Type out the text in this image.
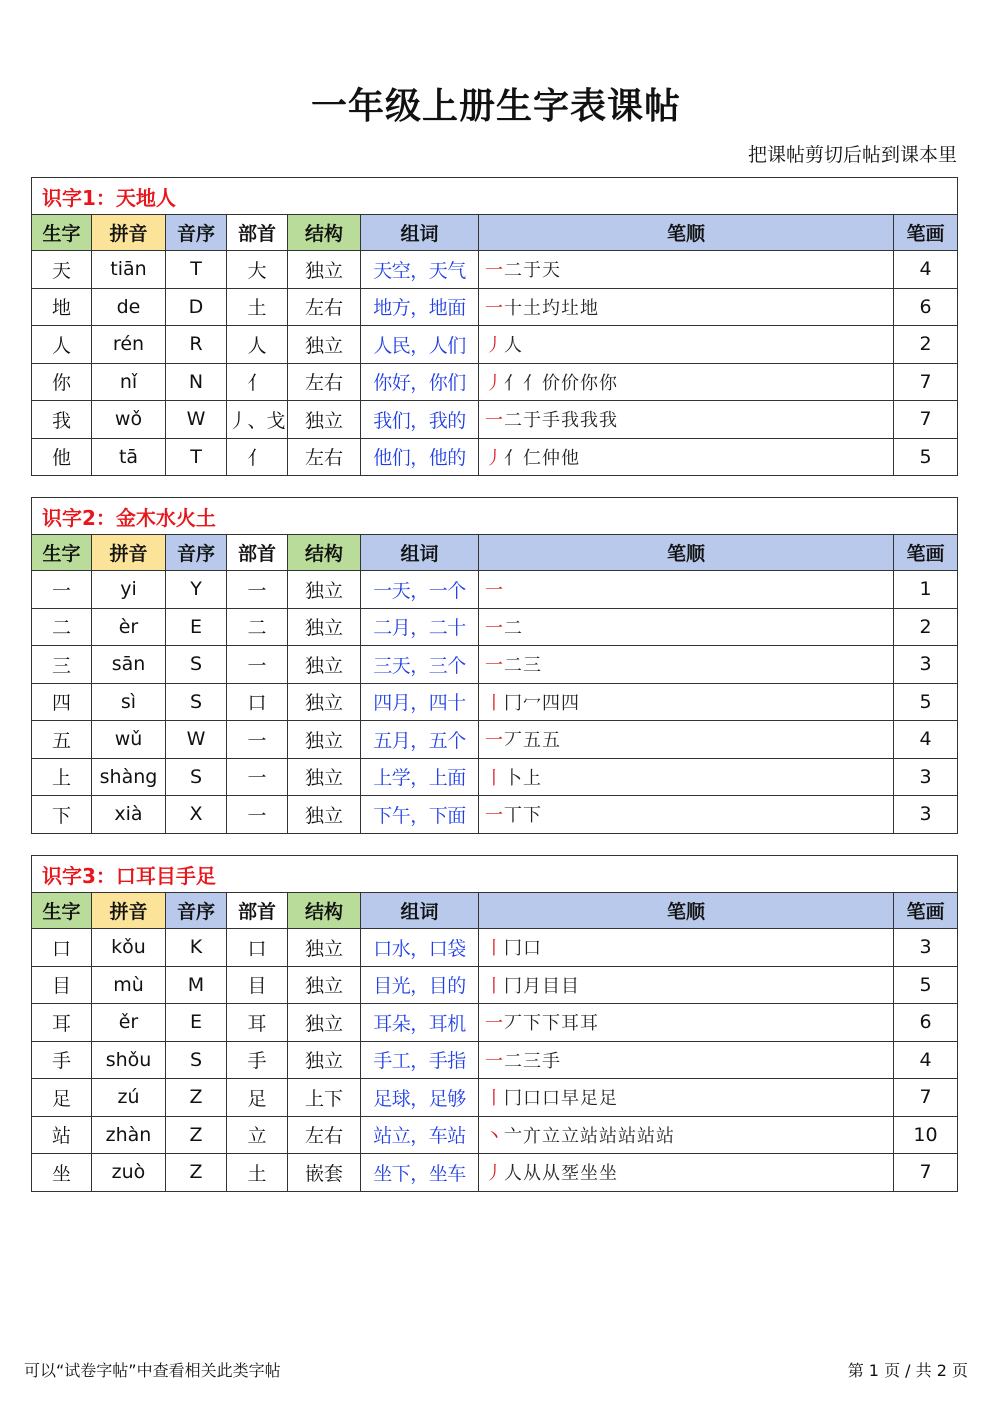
一年级上册生字表课帖
把课帖剪切后帖到课本里
识字1：天地人							
生字	拼音	音序	部首	结构	组词	笔顺	笔画
天	tiān	T	大	独立	天空，天气	一二于天	4
地	de	D	土	左右	地方，地面	一十土圴圵地	6
人	rén	R	人	独立	人民，人们	丿人	2
你	nǐ	N	亻	左右	你好，你们	丿亻亻价价你你	7
我	wǒ	W	丿、戈	独立	我们，我的	一二于手我我我	7
他	tā	T	亻	左右	他们，他的	丿亻仁仲他	5
识字2：金木水火土							
生字	拼音	音序	部首	结构	组词	笔顺	笔画
一	yi	Y	一	独立	一天，一个	一	1
二	èr	E	二	独立	二月，二十	一二	2
三	sān	S	一	独立	三天，三个	一二三	3
四	sì	S	口	独立	四月，四十	丨冂冖四四	5
五	wǔ	W	一	独立	五月，五个	一丆五五	4
上	shàng	S	一	独立	上学，上面	丨卜上	3
下	xià	X	一	独立	下午，下面	一丅下	3
识字3：口耳目手足							
生字	拼音	音序	部首	结构	组词	笔顺	笔画
口	kǒu	K	口	独立	口水，口袋	丨冂口	3
目	mù	M	目	独立	目光，目的	丨冂月目目	5
耳	ěr	E	耳	独立	耳朵，耳机	一丆下下耳耳	6
手	shǒu	S	手	独立	手工，手指	一二三手	4
足	zú	Z	足	上下	足球，足够	丨冂口口早足足	7
站	zhàn	Z	立	左右	站立，车站	丶亠亣立立站站站站站	10
坐	zuò	Z	土	嵌套	坐下，坐车	丿人从从㘸坐坐	7
可以“试卷字帖”中查看相关此类字帖	第 1 页 / 共 2 页
